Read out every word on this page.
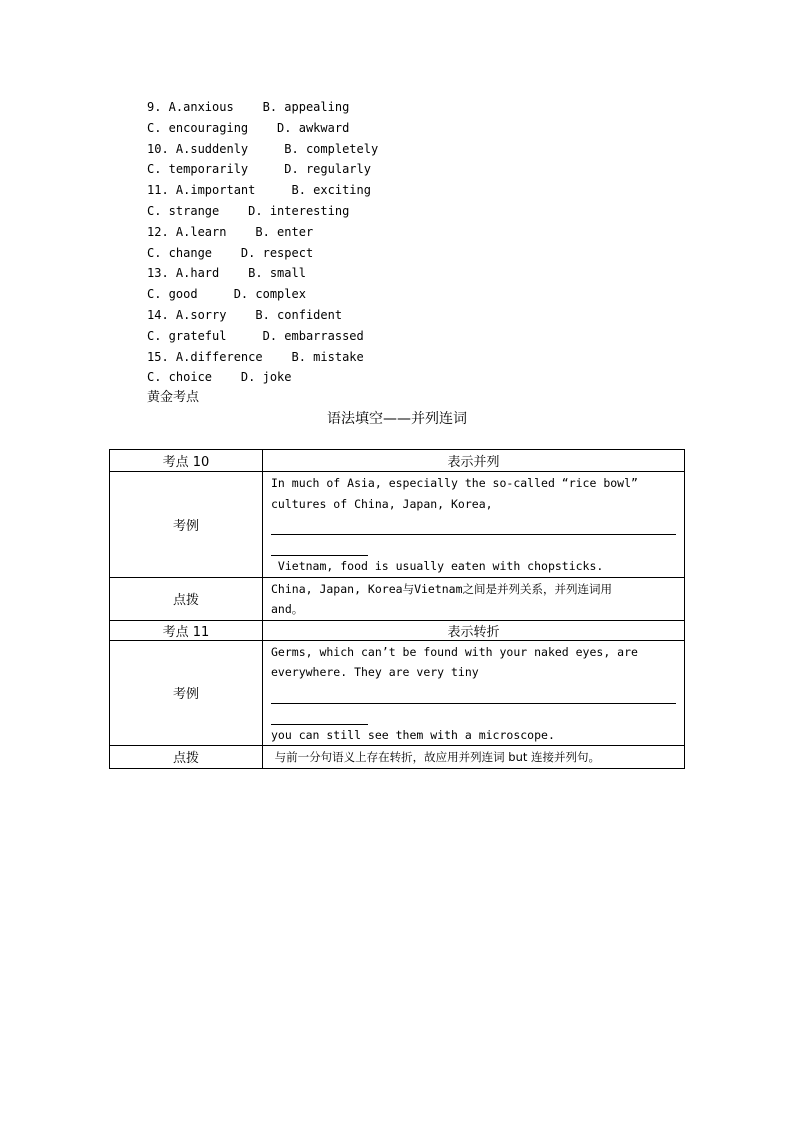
9. A.anxious    B. appealing
C. encouraging    D. awkward
10. A.suddenly     B. completely
C. temporarily     D. regularly
11. A.important     B. exciting
C. strange    D. interesting
12. A.learn    B. enter
C. change    D. respect
13. A.hard    B. small
C. good     D. complex
14. A.sorry    B. confident
C. grateful     D. embarrassed
15. A.difference    B. mistake
C. choice    D. joke
黄金考点
语法填空——并列连词
考点 10	表示并列
考例	In much of Asia, especially the so-called “rice bowl”
cultures of China, Japan, Korea,
Vietnam, food is usually eaten with chopsticks.

点拨	China, Japan, Korea与Vietnam之间是并列关系，并列连词用
and。

考点 11	表示转折
考例	Germs, which can’t be found with your naked eyes, are
everywhere. They are very tiny
you can still see them with a microscope.

点拨	与前一分句语义上存在转折，故应用并列连词 but 连接并列句。
